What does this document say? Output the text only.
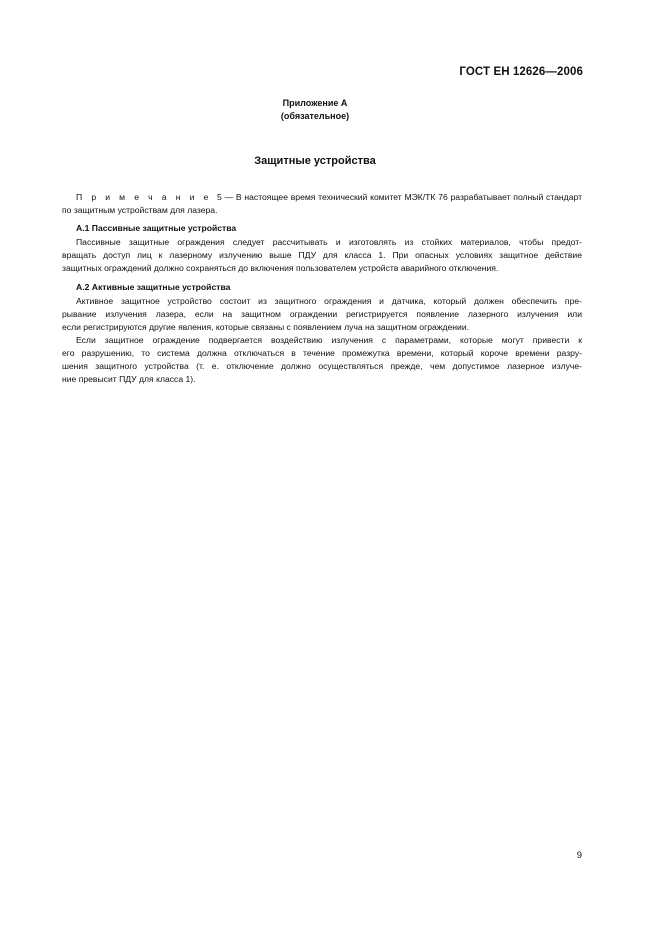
ГОСТ ЕН 12626—2006
Приложение А
(обязательное)
Защитные устройства
П р и м е ч а н и е 5 — В настоящее время технический комитет МЭК/ТК 76 разрабатывает полный стандарт
по защитным устройствам для лазера.
А.1 Пассивные защитные устройства
Пассивные защитные ограждения следует рассчитывать и изготовлять из стойких материалов, чтобы предот-
вращать доступ лиц к лазерному излучению выше ПДУ для класса 1. При опасных условиях защитное действие
защитных ограждений должно сохраняться до включения пользователем устройств аварийного отключения.
А.2 Активные защитные устройства
Активное защитное устройство состоит из защитного ограждения и датчика, который должен обеспечить пре-
рывание излучения лазера, если на защитном ограждении регистрируется появление лазерного излучения или
если регистрируются другие явления, которые связаны с появлением луча на защитном ограждении.
Если защитное ограждение подвергается воздействию излучения с параметрами, которые могут привести к
его разрушению, то система должна отключаться в течение промежутка времени, который короче времени разру-
шения защитного устройства (т. е. отключение должно осуществляться прежде, чем допустимое лазерное излуче-
ние превысит ПДУ для класса 1).
9
